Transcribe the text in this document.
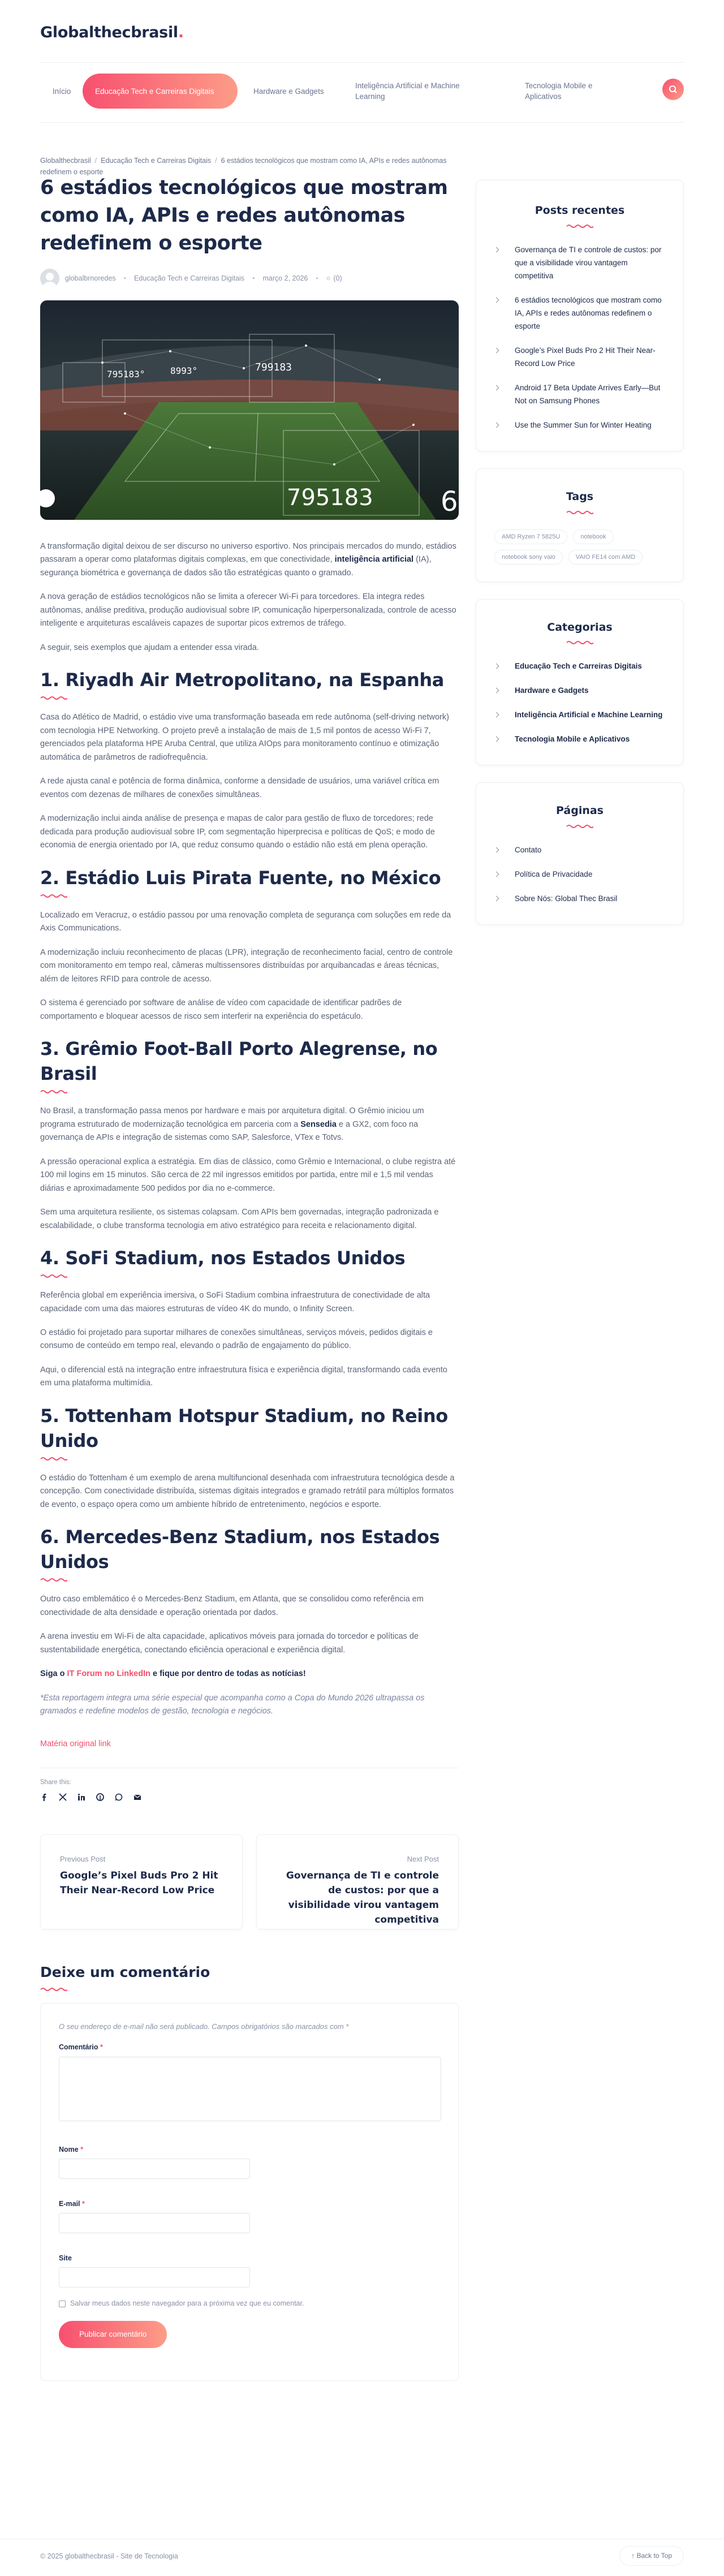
Globalthecbrasil.
Início	Educação Tech e Carreiras Digitais	Hardware e Gadgets
Inteligência Artificial e Machine Learning
Tecnologia Mobile e Aplicativos
Globalthecbrasil / Educação Tech e Carreiras Digitais / 6 estádios tecnológicos que mostram como IA, APIs e redes autônomas redefinem o esporte
6 estádios tecnológicos que mostram como IA, APIs e redes autônomas redefinem o esporte
globalbrnoredes • Educação Tech e Carreiras Digitais • março 2, 2026 • ○ (0)
795183°	8993°	799183
795183 6

A transformação digital deixou de ser discurso no universo esportivo. Nos principais mercados do mundo, estádios passaram a operar como plataformas digitais complexas, em que conectividade, inteligência artificial (IA), segurança biométrica e governança de dados são tão estratégicas quanto o gramado.

A nova geração de estádios tecnológicos não se limita a oferecer Wi-Fi para torcedores. Ela integra redes autônomas, análise preditiva, produção audiovisual sobre IP, comunicação hiperpersonalizada, controle de acesso inteligente e arquiteturas escaláveis capazes de suportar picos extremos de tráfego.

A seguir, seis exemplos que ajudam a entender essa virada.

1. Riyadh Air Metropolitano, na Espanha

Casa do Atlético de Madrid, o estádio vive uma transformação baseada em rede autônoma (self-driving network) com tecnologia HPE Networking. O projeto prevê a instalação de mais de 1,5 mil pontos de acesso Wi-Fi 7, gerenciados pela plataforma HPE Aruba Central, que utiliza AIOps para monitoramento contínuo e otimização automática de parâmetros de radiofrequência.

A rede ajusta canal e potência de forma dinâmica, conforme a densidade de usuários, uma variável crítica em eventos com dezenas de milhares de conexões simultâneas.

A modernização inclui ainda análise de presença e mapas de calor para gestão de fluxo de torcedores; rede dedicada para produção audiovisual sobre IP, com segmentação hiperprecisa e políticas de QoS; e modo de economia de energia orientado por IA, que reduz consumo quando o estádio não está em plena operação.

2. Estádio Luis Pirata Fuente, no México

Localizado em Veracruz, o estádio passou por uma renovação completa de segurança com soluções em rede da Axis Communications.

A modernização incluiu reconhecimento de placas (LPR), integração de reconhecimento facial, centro de controle com monitoramento em tempo real, câmeras multissensores distribuídas por arquibancadas e áreas técnicas, além de leitores RFID para controle de acesso.

O sistema é gerenciado por software de análise de vídeo com capacidade de identificar padrões de comportamento e bloquear acessos de risco sem interferir na experiência do espetáculo.

3. Grêmio Foot-Ball Porto Alegrense, no Brasil

No Brasil, a transformação passa menos por hardware e mais por arquitetura digital. O Grêmio iniciou um programa estruturado de modernização tecnológica em parceria com a Sensedia e a GX2, com foco na governança de APIs e integração de sistemas como SAP, Salesforce, VTex e Totvs.

A pressão operacional explica a estratégia. Em dias de clássico, como Grêmio e Internacional, o clube registra até 100 mil logins em 15 minutos. São cerca de 22 mil ingressos emitidos por partida, entre mil e 1,5 mil vendas diárias e aproximadamente 500 pedidos por dia no e-commerce.

Sem uma arquitetura resiliente, os sistemas colapsam. Com APIs bem governadas, integração padronizada e escalabilidade, o clube transforma tecnologia em ativo estratégico para receita e relacionamento digital.

4. SoFi Stadium, nos Estados Unidos

Referência global em experiência imersiva, o SoFi Stadium combina infraestrutura de conectividade de alta capacidade com uma das maiores estruturas de vídeo 4K do mundo, o Infinity Screen.

O estádio foi projetado para suportar milhares de conexões simultâneas, serviços móveis, pedidos digitais e consumo de conteúdo em tempo real, elevando o padrão de engajamento do público.

Aqui, o diferencial está na integração entre infraestrutura física e experiência digital, transformando cada evento em uma plataforma multimídia.

5. Tottenham Hotspur Stadium, no Reino Unido

O estádio do Tottenham é um exemplo de arena multifuncional desenhada com infraestrutura tecnológica desde a concepção. Com conectividade distribuída, sistemas digitais integrados e gramado retrátil para múltiplos formatos de evento, o espaço opera como um ambiente híbrido de entretenimento, negócios e esporte.

6. Mercedes-Benz Stadium, nos Estados Unidos

Outro caso emblemático é o Mercedes-Benz Stadium, em Atlanta, que se consolidou como referência em conectividade de alta densidade e operação orientada por dados.

A arena investiu em Wi-Fi de alta capacidade, aplicativos móveis para jornada do torcedor e políticas de sustentabilidade energética, conectando eficiência operacional e experiência digital.

Siga o IT Forum no LinkedIn e fique por dentro de todas as notícias!

*Esta reportagem integra uma série especial que acompanha como a Copa do Mundo 2026 ultrapassa os gramados e redefine modelos de gestão, tecnologia e negócios.

Matéria original link

Share this:
Previous Post
Google’s Pixel Buds Pro 2 Hit Their Near-Record Low Price
Next Post
Governança de TI e controle de custos: por que a visibilidade virou vantagem competitiva
Deixe um comentário

O seu endereço de e-mail não será publicado. Campos obrigatórios são marcados com *

Comentário *
Nome *
E-mail *
Site
Salvar meus dados neste navegador para a próxima vez que eu comentar.
Publicar comentário
Posts recentes
Governança de TI e controle de custos: por que a visibilidade virou vantagem competitiva
6 estádios tecnológicos que mostram como IA, APIs e redes autônomas redefinem o esporte
Google’s Pixel Buds Pro 2 Hit Their Near-Record Low Price
Android 17 Beta Update Arrives Early—But Not on Samsung Phones
Use the Summer Sun for Winter Heating
Tags
AMD Ryzen 7 5825U	notebook
notebook sony vaio	VAIO FE14 com AMD
Categorias
Educação Tech e Carreiras Digitais
Hardware e Gadgets
Inteligência Artificial e Machine Learning
Tecnologia Mobile e Aplicativos
Páginas
Contato
Política de Privacidade
Sobre Nós: Global Thec Brasil
© 2025 globalthecbrasil - Site de Tecnologia	↑ Back to Top
